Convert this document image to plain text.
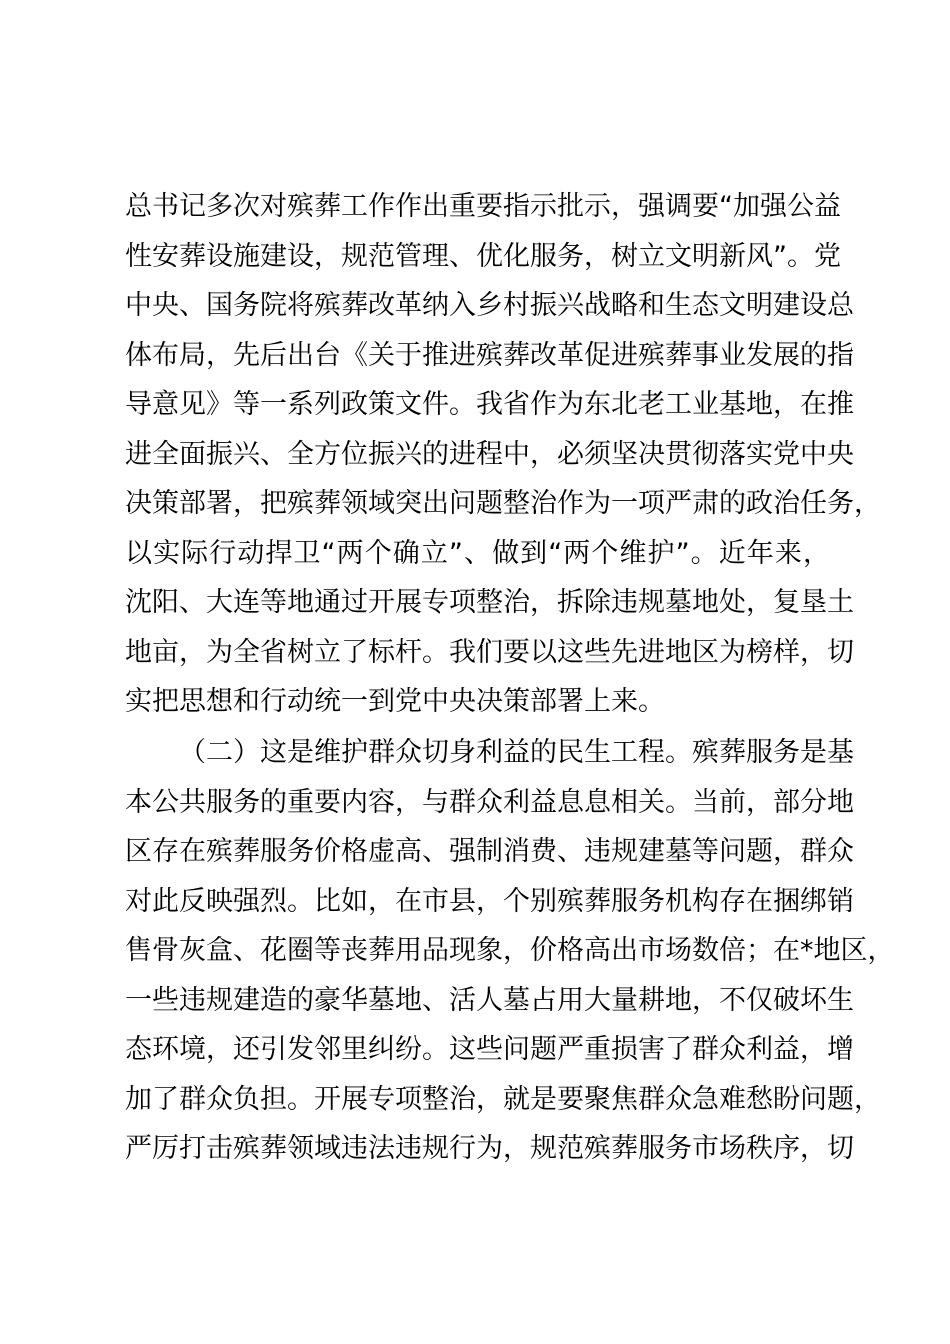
总书记多次对殡葬工作作出重要指示批示，强调要“加强公益
性安葬设施建设，规范管理、优化服务，树立文明新风”。党
中央、国务院将殡葬改革纳入乡村振兴战略和生态文明建设总
体布局，先后出台《关于推进殡葬改革促进殡葬事业发展的指
导意见》等一系列政策文件。我省作为东北老工业基地，在推
进全面振兴、全方位振兴的进程中，必须坚决贯彻落实党中央
决策部署，把殡葬领域突出问题整治作为一项严肃的政治任务，
以实际行动捍卫“两个确立”、做到“两个维护”。近年来，
沈阳、大连等地通过开展专项整治，拆除违规墓地处，复垦土
地亩，为全省树立了标杆。我们要以这些先进地区为榜样，切
实把思想和行动统一到党中央决策部署上来。
（二）这是维护群众切身利益的民生工程。殡葬服务是基
本公共服务的重要内容，与群众利益息息相关。当前，部分地
区存在殡葬服务价格虚高、强制消费、违规建墓等问题，群众
对此反映强烈。比如，在市县，个别殡葬服务机构存在捆绑销
售骨灰盒、花圈等丧葬用品现象，价格高出市场数倍；在*地区，
一些违规建造的豪华墓地、活人墓占用大量耕地，不仅破坏生
态环境，还引发邻里纠纷。这些问题严重损害了群众利益，增
加了群众负担。开展专项整治，就是要聚焦群众急难愁盼问题，
严厉打击殡葬领域违法违规行为，规范殡葬服务市场秩序，切
